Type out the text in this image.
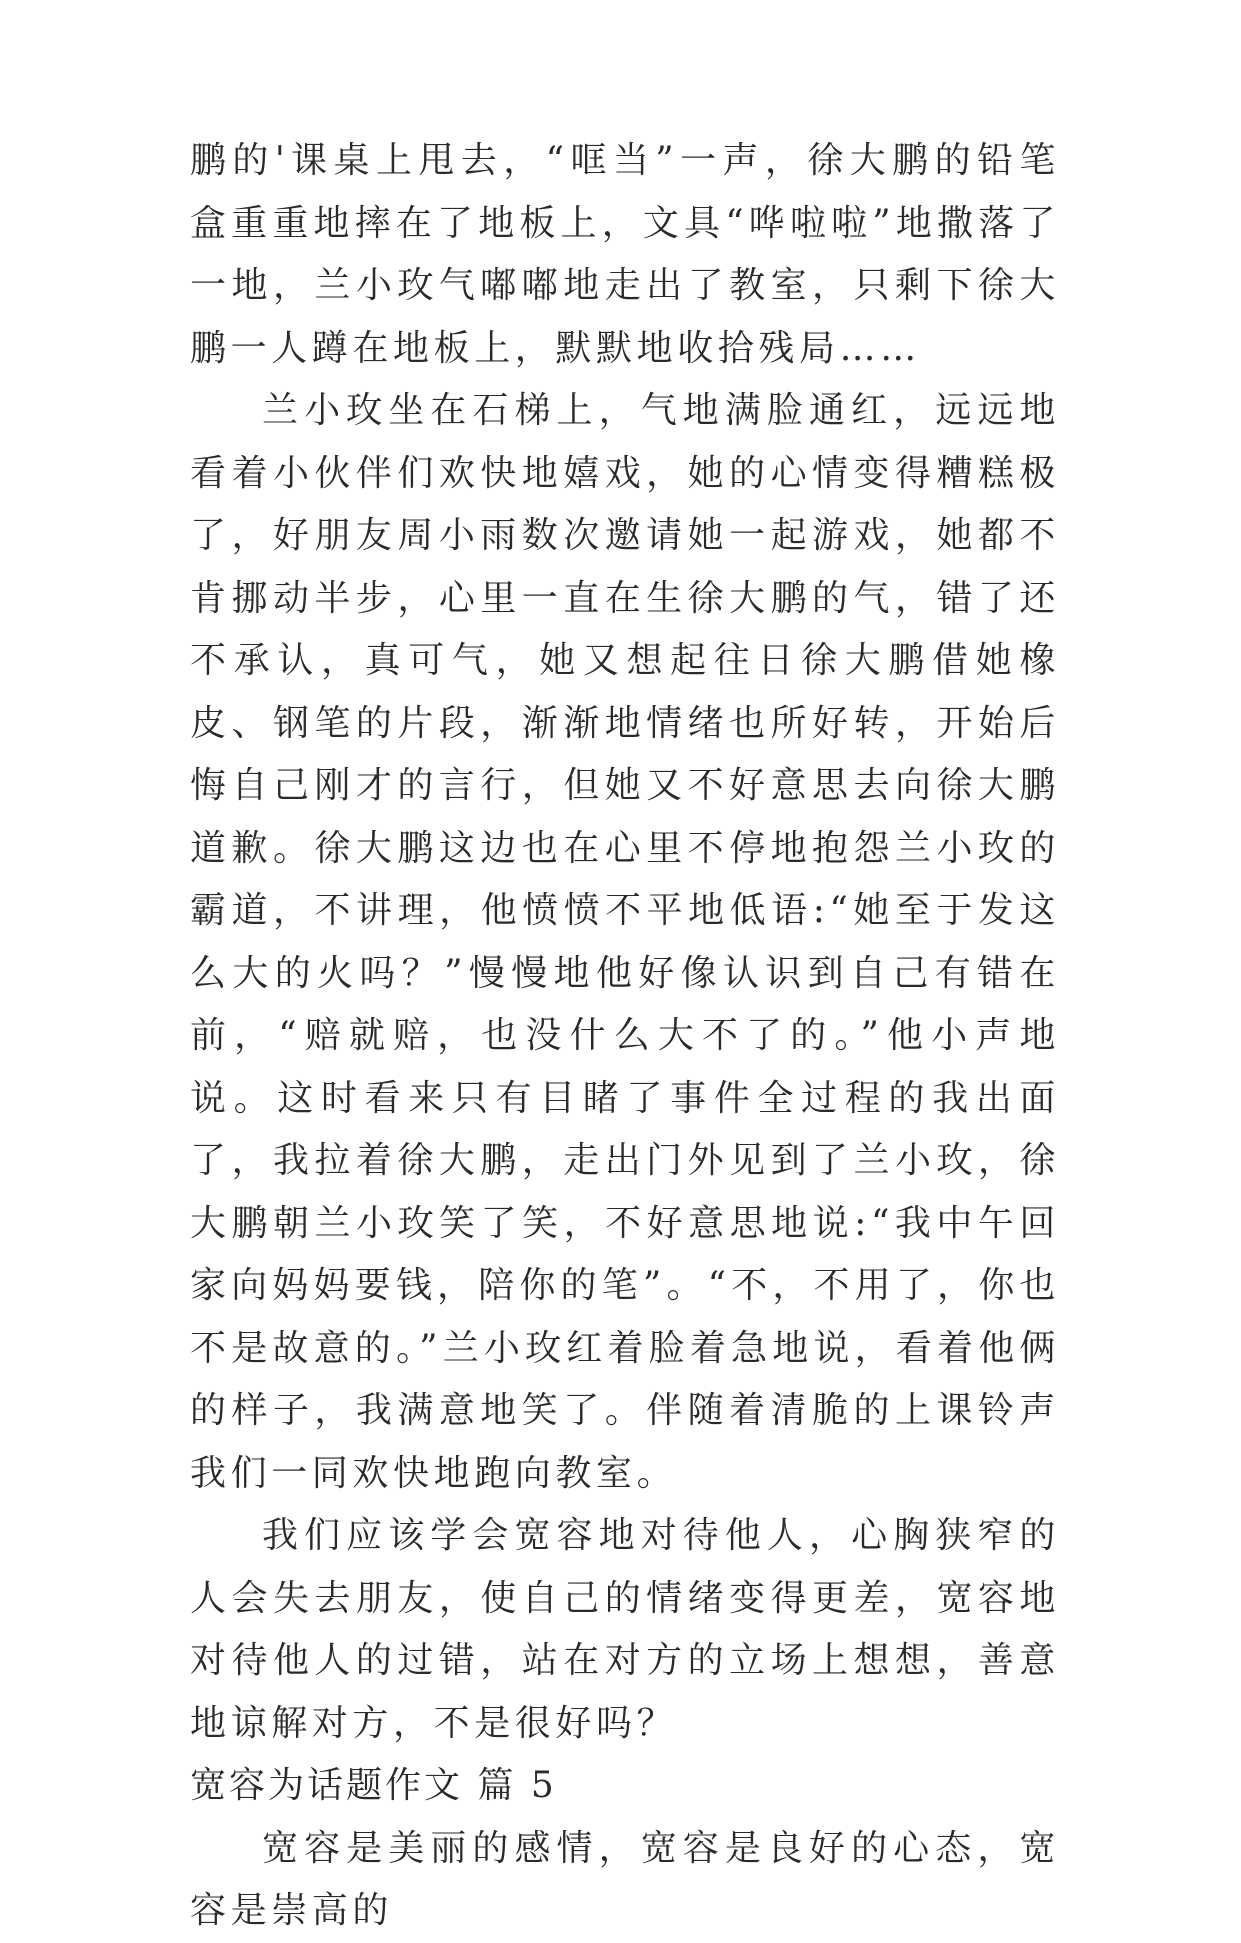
鹏的'课桌上甩去，“哐当”一声，徐大鹏的铅笔盒重重地摔在了地板上，文具“哗啦啦”地撒落了一地，兰小玫气嘟嘟地走出了教室，只剩下徐大鹏一人蹲在地板上，默默地收拾残局……

兰小玫坐在石梯上，气地满脸通红，远远地看着小伙伴们欢快地嬉戏，她的心情变得糟糕极了，好朋友周小雨数次邀请她一起游戏，她都不肯挪动半步，心里一直在生徐大鹏的气，错了还不承认，真可气，她又想起往日徐大鹏借她橡皮、钢笔的片段，渐渐地情绪也所好转，开始后悔自己刚才的言行，但她又不好意思去向徐大鹏道歉。徐大鹏这边也在心里不停地抱怨兰小玫的霸道，不讲理，他愤愤不平地低语:“她至于发这么大的火吗？”慢慢地他好像认识到自己有错在前，“赔就赔，也没什么大不了的。”他小声地说。这时看来只有目睹了事件全过程的我出面了，我拉着徐大鹏，走出门外见到了兰小玫，徐大鹏朝兰小玫笑了笑，不好意思地说:“我中午回家向妈妈要钱，陪你的笔”。“不，不用了，你也不是故意的。”兰小玫红着脸着急地说，看着他俩的样子，我满意地笑了。伴随着清脆的上课铃声我们一同欢快地跑向教室。

我们应该学会宽容地对待他人，心胸狭窄的人会失去朋友，使自己的情绪变得更差，宽容地对待他人的过错，站在对方的立场上想想，善意地谅解对方，不是很好吗？

宽容为话题作文 篇 5

宽容是美丽的感情，宽容是良好的心态，宽容是崇高的
